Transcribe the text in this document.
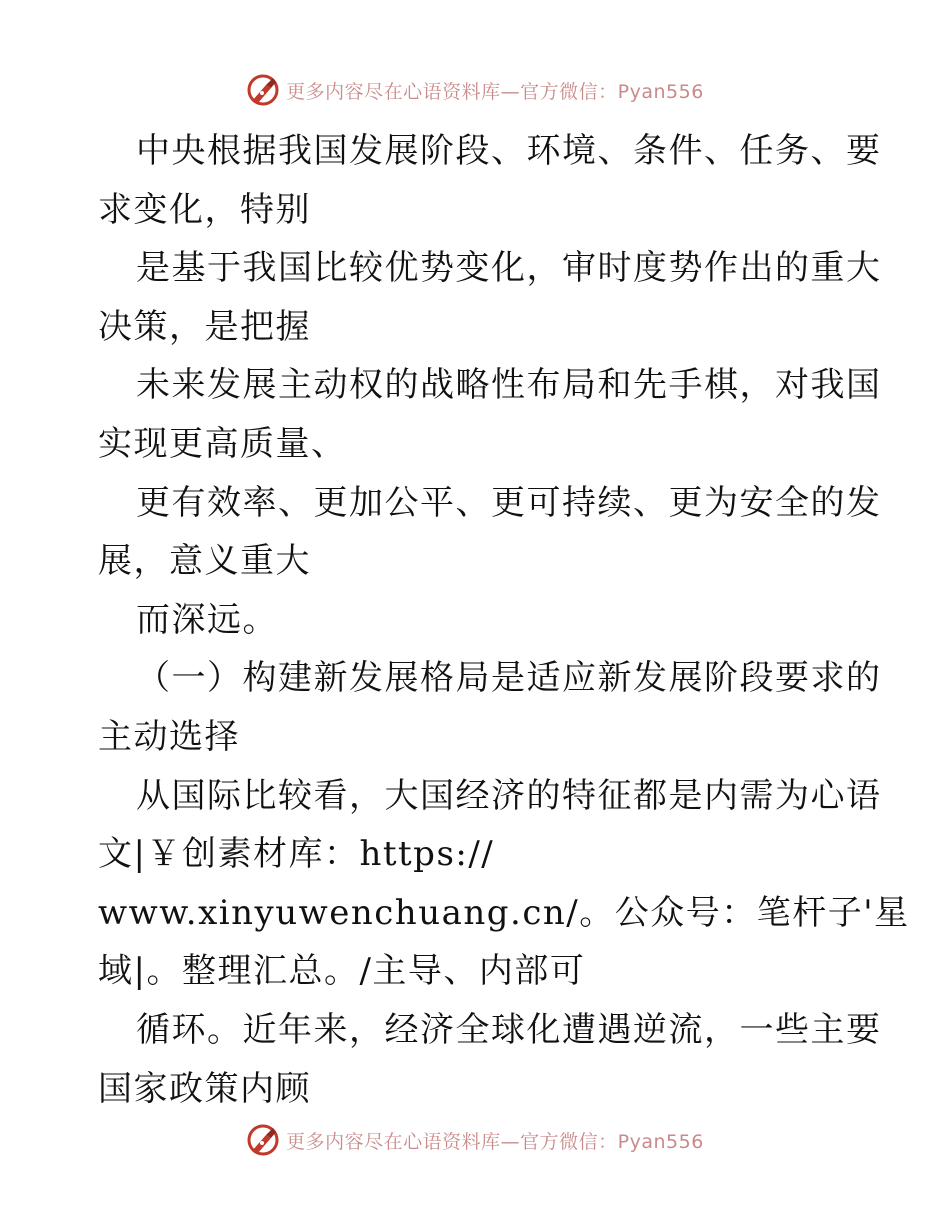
更多内容尽在心语资料库—官方微信：Pyan556
中央根据我国发展阶段、环境、条件、任务、要
求变化，特别
是基于我国比较优势变化，审时度势作出的重大
决策，是把握
未来发展主动权的战略性布局和先手棋，对我国
实现更高质量、
更有效率、更加公平、更可持续、更为安全的发
展，意义重大
而深远。
（一）构建新发展格局是适应新发展阶段要求的
主动选择
从国际比较看，大国经济的特征都是内需为心语
文|￥创素材库：https://
www.xinyuwenchuang.cn/。公众号：笔杆子'星
域|。整理汇总。/主导、内部可
循环。近年来，经济全球化遭遇逆流，一些主要
国家政策内顾
更多内容尽在心语资料库—官方微信：Pyan556
